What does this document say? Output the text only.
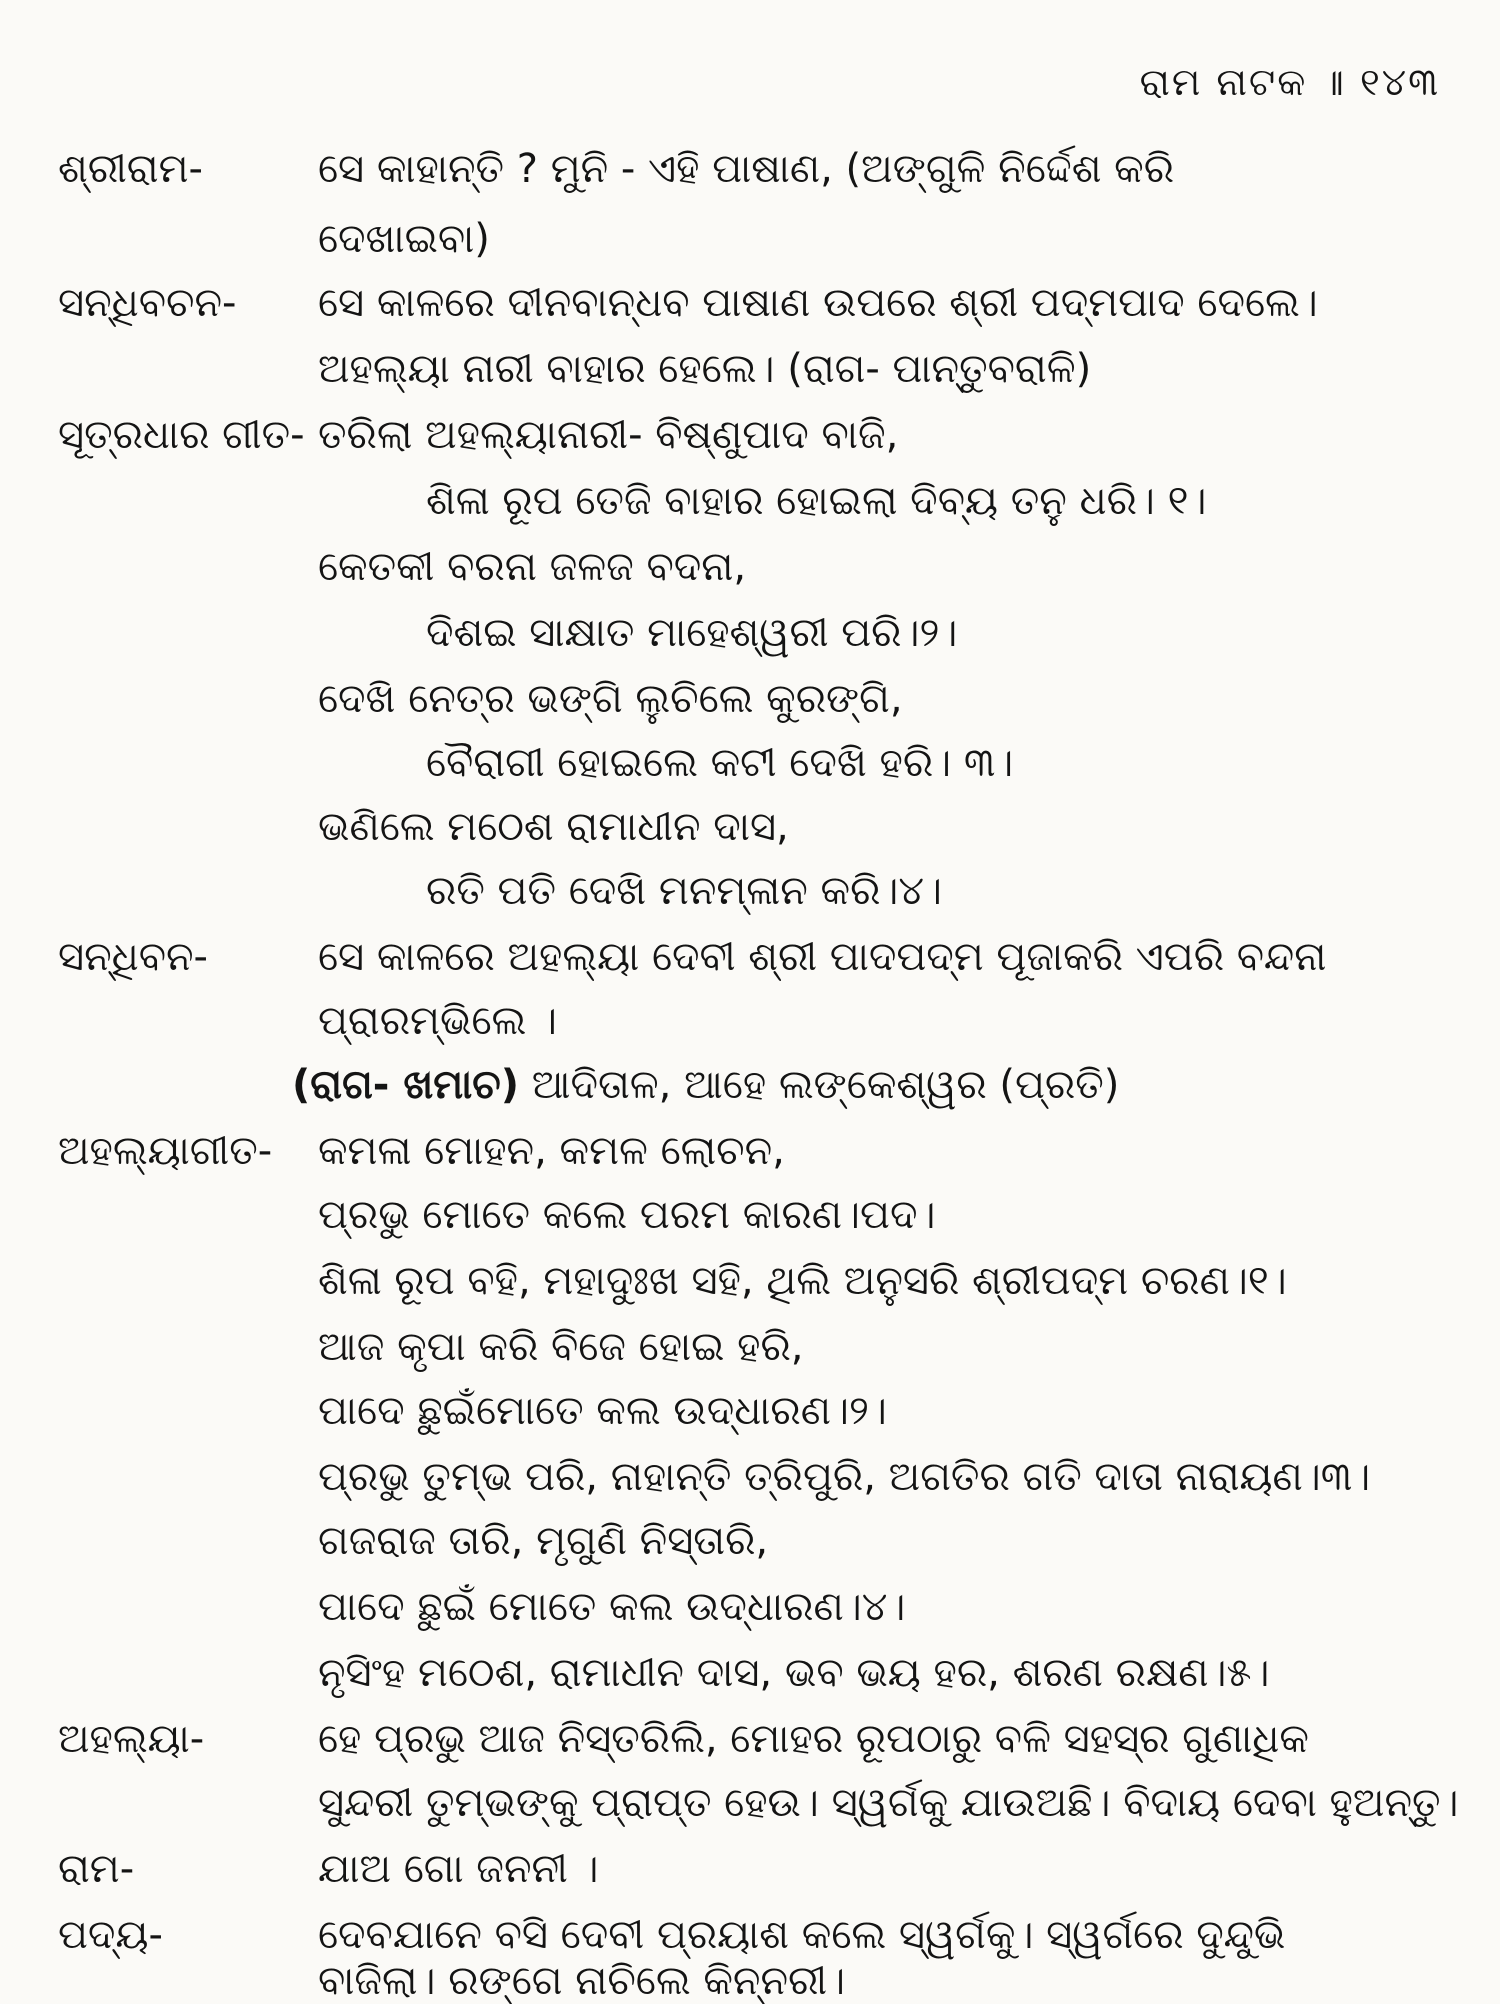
ରାମ ନାଟକ ॥ ୧୪୩
ଶ୍ରୀରାମ-	ସେ କାହାନ୍ତି ? ମୁନି - ଏହି ପାଷାଣ, (ଅଙ୍ଗୁଳି ନିର୍ଦ୍ଦେଶ କରି
ଦେଖାଇବା)
ସନ୍ଧିବଚନ- ସେ କାଳରେ ଦୀନବାନ୍ଧବ ପାଷାଣ ଉପରେ ଶ୍ରୀ ପଦ୍ମପାଦ ଦେଲେ।
ଅହଲ୍ୟା ନାରୀ ବାହାର ହେଲେ। (ରାଗ- ପାନ୍ତୁବରାଳି)
ସୂତ୍ରଧାର ଗୀତ- ତରିଲା ଅହଲ୍ୟାନାରୀ- ବିଷ୍ଣୁପାଦ ବାଜି,
ଶିଳା ରୂପ ତେଜି ବାହାର ହୋଇଲା ଦିବ୍ୟ ତନୁ ଧରି। ୧।
କେତକୀ ବରନା ଜଳଜ ବଦନା,
ଦିଶଇ ସାକ୍ଷାତ ମାହେଶ୍ୱରୀ ପରି।୨।
ଦେଖି ନେତ୍ର ଭଙ୍ଗି ଲୁଚିଲେ କୁରଙ୍ଗି,
ବୈରାଗୀ ହୋଇଲେ କଟୀ ଦେଖି ହରି। ୩।
ଭଣିଲେ ମଠେଶ ରାମାଧୀନ ଦାସ,
ରତି ପତି ଦେଖି ମନମ୍ଳାନ କରି।୪।
ସନ୍ଧିବନ-	ସେ କାଳରେ ଅହଲ୍ୟା ଦେବୀ ଶ୍ରୀ ପାଦପଦ୍ମ ପୂଜାକରି ଏପରି ବନ୍ଦନା
ପ୍ରାରମ୍ଭିଲେ ।
(ରାଗ- ଖମାଚ) ଆଦିତାଳ, ଆହେ ଲଙ୍କେଶ୍ୱର (ପ୍ରତି)
ଅହଲ୍ୟାଗୀତ- କମଳା ମୋହନ, କମଳ ଲୋଚନ,
ପ୍ରଭୁ ମୋତେ କଲେ ପରମ କାରଣ।ପଦ।
ଶିଳା ରୂପ ବହି, ମହାଦୁଃଖ ସହି, ଥିଲି ଅନୁସରି ଶ୍ରୀପଦ୍ମ ଚରଣ।୧।
ଆଜ କୃପା କରି ବିଜେ ହୋଇ ହରି,
ପାଦେ ଛୁଇଁମୋତେ କଲ ଉଦ୍ଧାରଣ।୨।
ପ୍ରଭୁ ତୁମ୍ଭ ପରି, ନାହାନ୍ତି ତ୍ରିପୁରି, ଅଗତିର ଗତି ଦାତା ନାରାୟଣ।୩।
ଗଜରାଜ ତାରି, ମୃଗୁଣି ନିସ୍ତାରି,
ପାଦେ ଛୁଇଁ ମୋତେ କଲ ଉଦ୍ଧାରଣ।୪।
ନୃସିଂହ ମଠେଶ, ରାମାଧୀନ ଦାସ, ଭବ ଭୟ ହର, ଶରଣ ରକ୍ଷଣ।୫।
ଅହଲ୍ୟା-	ହେ ପ୍ରଭୁ ଆଜ ନିସ୍ତରିଲି, ମୋହର ରୂପଠାରୁ ବଳି ସହସ୍ର ଗୁଣାଧିକ
ସୁନ୍ଦରୀ ତୁମ୍ଭଙ୍କୁ ପ୍ରାପ୍ତ ହେଉ। ସ୍ୱର୍ଗକୁ ଯାଉଅଛି। ବିଦାୟ ଦେବା ହୁଅନ୍ତୁ।
ରାମ-	ଯାଅ ଗୋ ଜନନୀ ।
ପଦ୍ୟ-	ଦେବଯାନେ ବସି ଦେବୀ ପ୍ରୟାଶ କଲେ ସ୍ୱର୍ଗକୁ। ସ୍ୱର୍ଗରେ ଦୁନ୍ଦୁଭି
ବାଜିଲା। ରଙ୍ଗେ ନାଚିଲେ କିନ୍ନରୀ।
